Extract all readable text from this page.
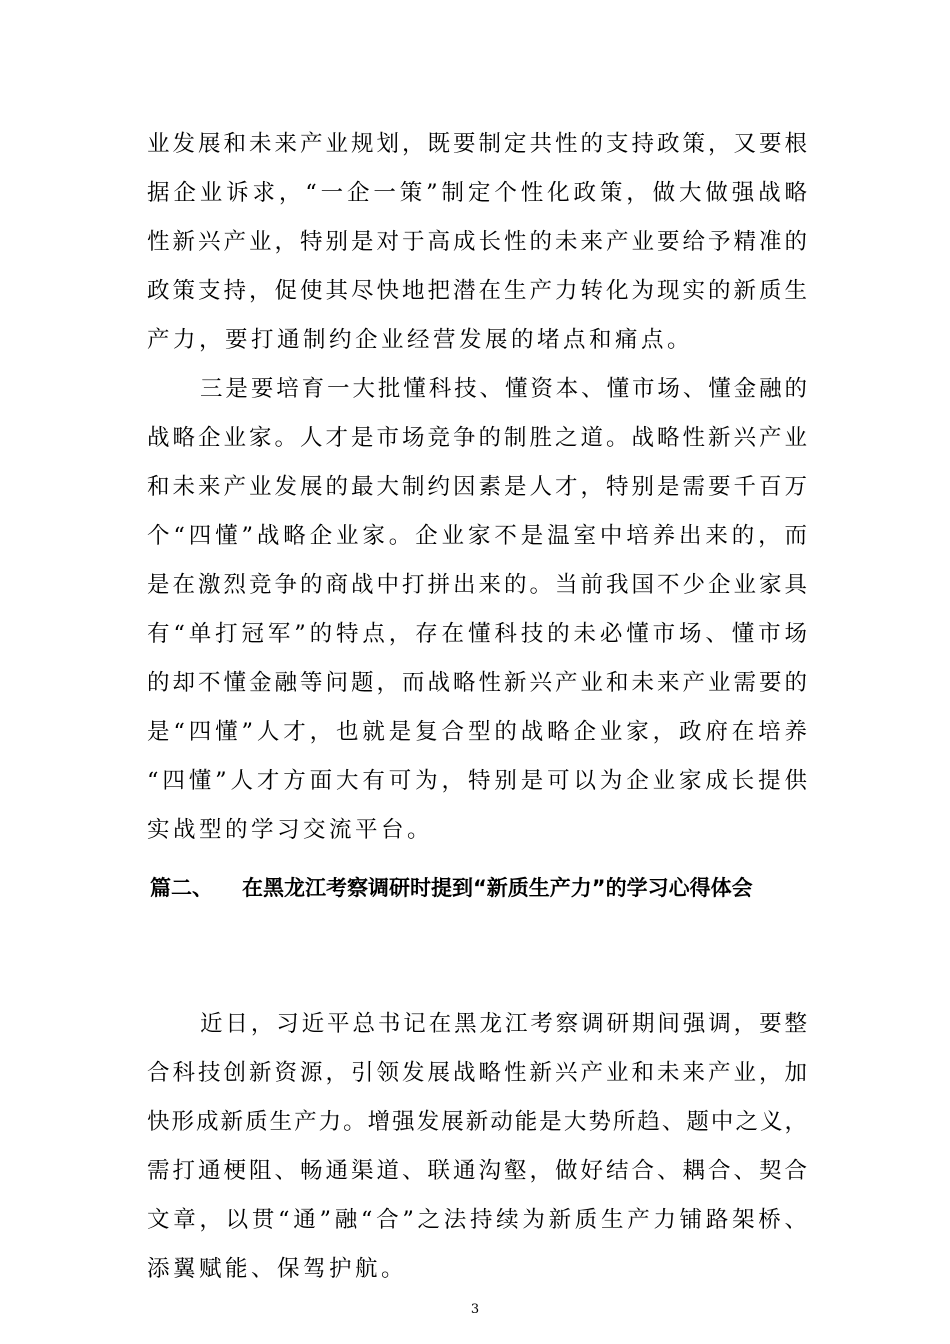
业发展和未来产业规划，既要制定共性的支持政策，又要根
据企业诉求，“一企一策”制定个性化政策，做大做强战略
性新兴产业，特别是对于高成长性的未来产业要给予精准的
政策支持，促使其尽快地把潜在生产力转化为现实的新质生
产力，要打通制约企业经营发展的堵点和痛点。
三是要培育一大批懂科技、懂资本、懂市场、懂金融的
战略企业家。人才是市场竞争的制胜之道。战略性新兴产业
和未来产业发展的最大制约因素是人才，特别是需要千百万
个“四懂”战略企业家。企业家不是温室中培养出来的，而
是在激烈竞争的商战中打拼出来的。当前我国不少企业家具
有“单打冠军”的特点，存在懂科技的未必懂市场、懂市场
的却不懂金融等问题，而战略性新兴产业和未来产业需要的
是“四懂”人才，也就是复合型的战略企业家，政府在培养
“四懂”人才方面大有可为，特别是可以为企业家成长提供
实战型的学习交流平台。
篇二、 在黑龙江考察调研时提到“新质生产力”的学习心得体会
近日，习近平总书记在黑龙江考察调研期间强调，要整
合科技创新资源，引领发展战略性新兴产业和未来产业，加
快形成新质生产力。增强发展新动能是大势所趋、题中之义，
需打通梗阻、畅通渠道、联通沟壑，做好结合、耦合、契合
文章，以贯“通”融“合”之法持续为新质生产力铺路架桥、
添翼赋能、保驾护航。
3
